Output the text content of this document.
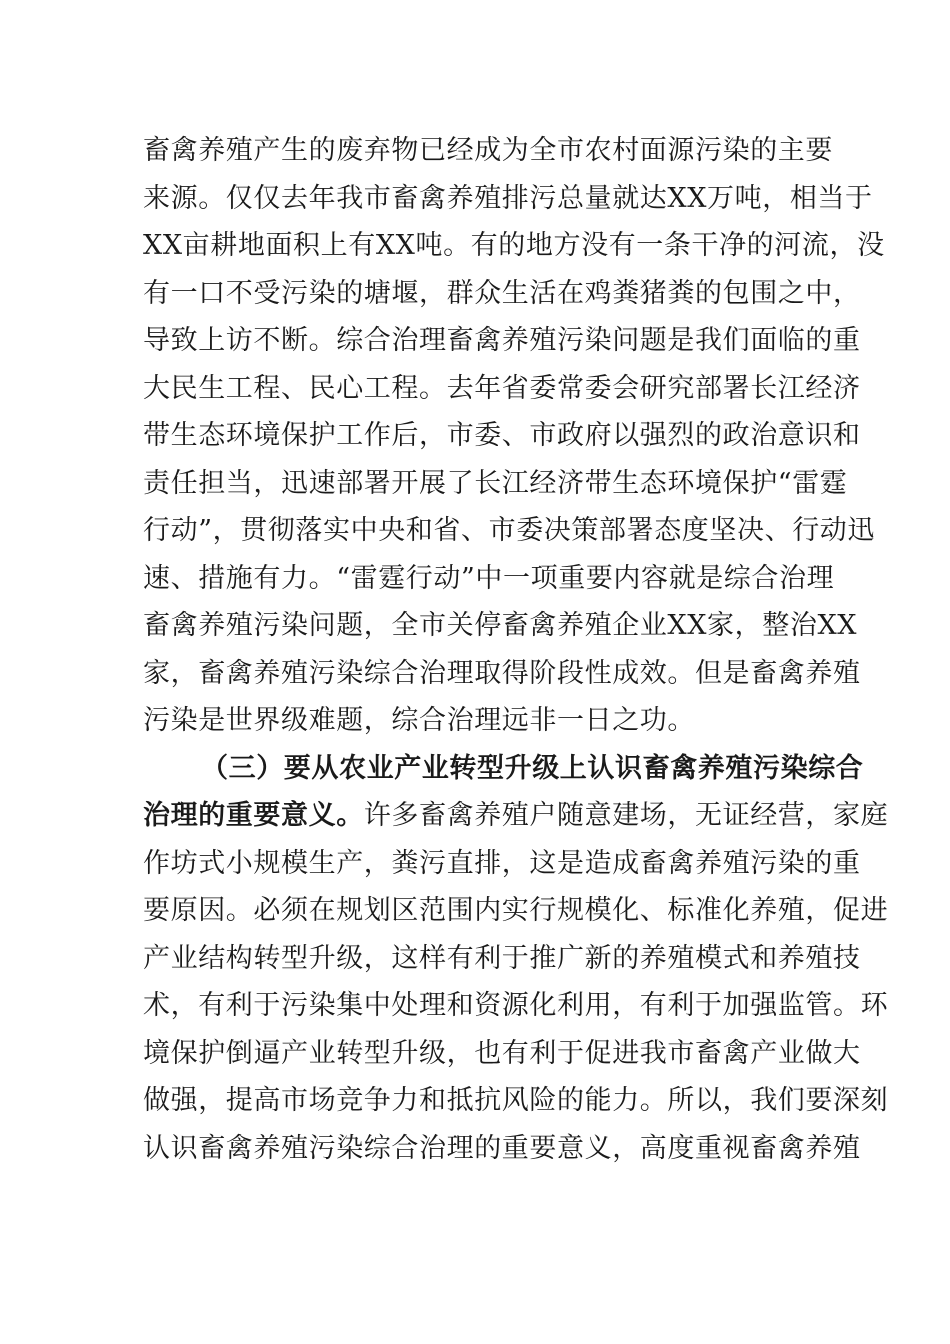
畜禽养殖产生的废弃物已经成为全市农村面源污染的主要
来源。仅仅去年我市畜禽养殖排污总量就达XX万吨，相当于
XX亩耕地面积上有XX吨。有的地方没有一条干净的河流，没
有一口不受污染的塘堰，群众生活在鸡粪猪粪的包围之中，
导致上访不断。综合治理畜禽养殖污染问题是我们面临的重
大民生工程、民心工程。去年省委常委会研究部署长江经济
带生态环境保护工作后，市委、市政府以强烈的政治意识和
责任担当，迅速部署开展了长江经济带生态环境保护“雷霆
行动”，贯彻落实中央和省、市委决策部署态度坚决、行动迅
速、措施有力。“雷霆行动”中一项重要内容就是综合治理
畜禽养殖污染问题，全市关停畜禽养殖企业XX家，整治XX
家，畜禽养殖污染综合治理取得阶段性成效。但是畜禽养殖
污染是世界级难题，综合治理远非一日之功。
（三）要从农业产业转型升级上认识畜禽养殖污染综合
治理的重要意义。许多畜禽养殖户随意建场，无证经营，家庭
作坊式小规模生产，粪污直排，这是造成畜禽养殖污染的重
要原因。必须在规划区范围内实行规模化、标准化养殖，促进
产业结构转型升级，这样有利于推广新的养殖模式和养殖技
术，有利于污染集中处理和资源化利用，有利于加强监管。环
境保护倒逼产业转型升级，也有利于促进我市畜禽产业做大
做强，提高市场竞争力和抵抗风险的能力。所以，我们要深刻
认识畜禽养殖污染综合治理的重要意义，高度重视畜禽养殖
